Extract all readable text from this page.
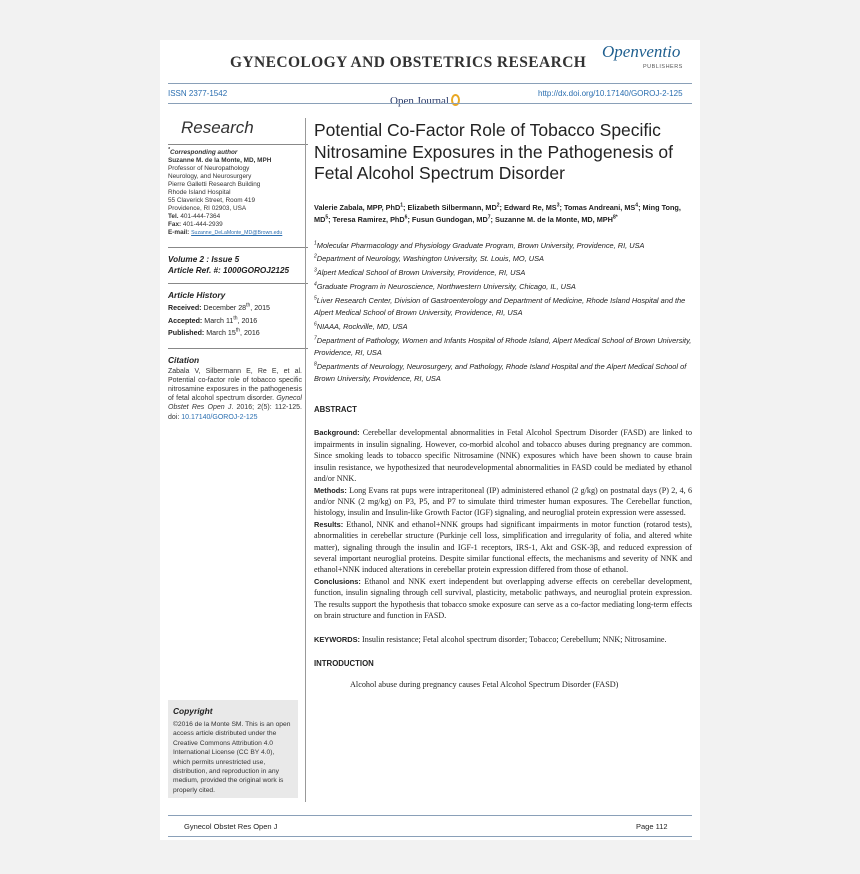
GYNECOLOGY AND OBSTETRICS RESEARCH
Openventio
PUBLISHERS
ISSN 2377-1542
Open Journal
http://dx.doi.org/10.17140/GOROJ-2-125
Research
*Corresponding author
Suzanne M. de la Monte, MD, MPH
Professor of Neuropathology
Neurology, and Neurosurgery
Pierre Galletti Research Building
Rhode Island Hospital
55 Claverick Street, Room 419
Providence, RI 02903, USA
Tel. 401-444-7364
Fax: 401-444-2939
E-mail: Suzanne_DeLaMonte_MD@Brown.edu
Volume 2 : Issue 5
Article Ref. #: 1000GOROJ2125
Article History
Received: December 28th, 2015
Accepted: March 11th, 2016
Published: March 15th, 2016
Citation
Zabala V, Silbermann E, Re E, et al. Potential co-factor role of tobacco specific nitrosamine exposures in the pathogenesis of fetal alcohol spectrum disorder. Gynecol Obstet Res Open J. 2016; 2(5): 112-125. doi: 10.17140/GOROJ-2-125
Copyright
©2016 de la Monte SM. This is an open access article distributed under the Creative Commons Attribution 4.0 International License (CC BY 4.0), which permits unrestricted use, distribution, and reproduction in any medium, provided the original work is properly cited.
Potential Co-Factor Role of Tobacco Specific Nitrosamine Exposures in the Pathogenesis of Fetal Alcohol Spectrum Disorder
Valerie Zabala, MPP, PhD$^1$; Elizabeth Silbermann, $MD^2$; Edward Re, $MS^3$; Tomas Andreani, $MS^4$; Ming Tong, $MD^5$; Teresa Ramirez, PhD$^6$; Fusun Gundogan, $MD^7$; Suzanne M. de la Monte, MD, $MPH^{8*}$
$^1$Molecular Pharmacology and Physiology Graduate Program, Brown University, Providence, RI, USA
$^2$Department of Neurology, Washington University, St. Louis, MO, USA
$^3$Alpert Medical School of Brown University, Providence, RI, USA
$^4$Graduate Program in Neuroscience, Northwestern University, Chicago, IL, USA
$^5$Liver Research Center, Division of Gastroenterology and Department of Medicine, Rhode Island Hospital and the Alpert Medical School of Brown University, Providence, RI, USA
$^6$NIAAA, Rockville, MD, USA
$^7$Department of Pathology, Women and Infants Hospital of Rhode Island, Alpert Medical School of Brown University, Providence, RI, USA
$^8$Departments of Neurology, Neurosurgery, and Pathology, Rhode Island Hospital and the Alpert Medical School of Brown University, Providence, RI, USA
ABSTRACT
Background: Cerebellar developmental abnormalities in Fetal Alcohol Spectrum Disorder (FASD) are linked to impairments in insulin signaling. However, co-morbid alcohol and tobacco abuses during pregnancy are common. Since smoking leads to tobacco specific Nitrosamine (NNK) exposures which have been shown to cause brain insulin resistance, we hypothesized that neurodevelopmental abnormalities in FASD could be mediated by ethanol and/or NNK.
Methods: Long Evans rat pups were intraperitoneal (IP) administered ethanol (2 g/kg) on postnatal days (P) 2, 4, 6 and/or NNK (2 mg/kg) on P3, P5, and P7 to simulate third trimester human exposures. The Cerebellar function, histology, insulin and Insulin-like Growth Factor (IGF) signaling, and neuroglial protein expression were assessed.
Results: Ethanol, NNK and ethanol+NNK groups had significant impairments in motor function (rotarod tests), abnormalities in cerebellar structure (Purkinje cell loss, simplification and irregularity of folia, and altered white matter), signaling through the insulin and IGF-1 receptors, IRS-1, Akt and GSK-3β, and reduced expression of several important neuroglial proteins. Despite similar functional effects, the mechanisms and severity of NNK and ethanol+NNK induced alterations in cerebellar protein expression differed from those of ethanol.
Conclusions: Ethanol and NNK exert independent but overlapping adverse effects on cerebellar development, function, insulin signaling through cell survival, plasticity, metabolic pathways, and neuroglial protein expression. The results support the hypothesis that tobacco smoke exposure can serve as a co-factor mediating long-term effects on brain structure and function in FASD.
KEYWORDS: Insulin resistance; Fetal alcohol spectrum disorder; Tobacco; Cerebellum; NNK; Nitrosamine.
INTRODUCTION
Alcohol abuse during pregnancy causes Fetal Alcohol Spectrum Disorder (FASD)
Gynecol Obstet Res Open J	Page 112
